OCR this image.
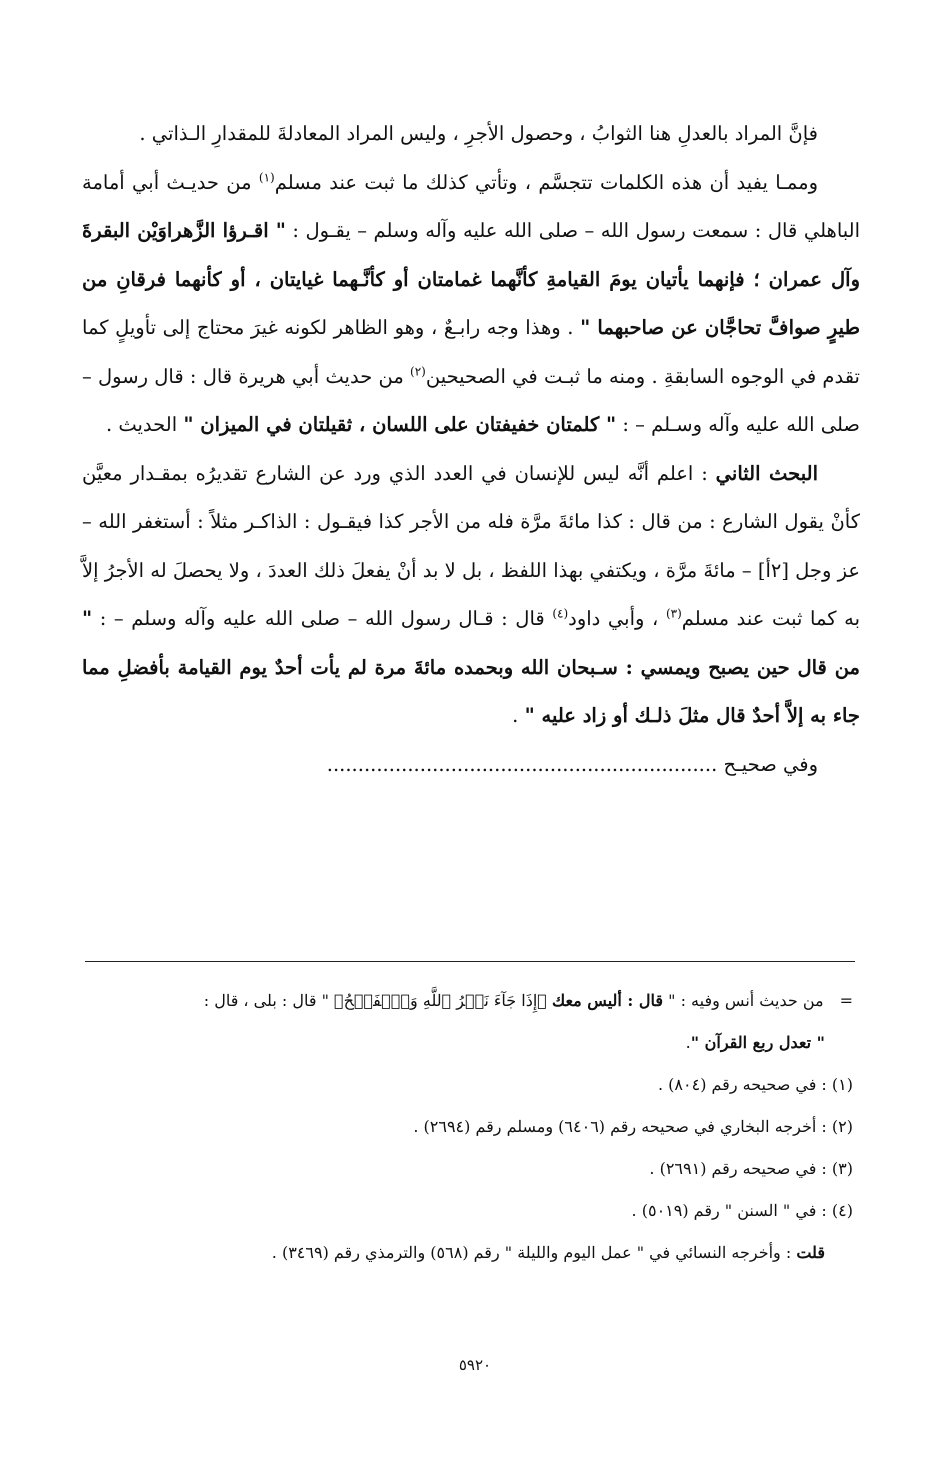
فإنَّ المراد بالعدلِ هنا الثوابُ ، وحصول الأجرِ ، وليس المراد المعادلةَ للمقدارِ الـذاتي .

وممـا يفيد أن هذه الكلمات تتجسَّم ، وتأتي كذلك ما ثبت عند مسلم$^{(١)}$ من حديـث أبي أمامة الباهلي قال : سمعت رسول الله – صلى الله عليه وآله وسلم – يقـول : " اقـرؤا الزَّهراوَيْن البقرةَ وآل عمران ؛ فإنهما يأتيان يومَ القيامةِ كأنَّهما غمامتان أو كأنَّـهما غيايتان ، أو كأنهما فرقانِ من طيرٍ صوافَّ تحاجَّان عن صاحبهما " . وهذا وجه رابـعٌ ، وهو الظاهر لكونه غيرَ محتاج إلى تأويلٍ كما تقدم في الوجوه السابقةِ . ومنه ما ثبـت في الصحيحين$^{(٢)}$ من حديث أبي هريرة قال : قال رسول – صلى الله عليه وآله وسـلم – : " كلمتان خفيفتان على اللسان ، ثقيلتان في الميزان " الحديث .

البحث الثاني : اعلم أنَّه ليس للإنسان في العدد الذي ورد عن الشارع تقديرُه بمقـدار معيَّن كأنْ يقول الشارع : من قال : كذا مائةَ مرَّة فله من الأجر كذا فيقـول : الذاكـر مثلاً : أستغفر الله – عز وجل [٢أ] – مائةَ مرَّة ، ويكتفي بهذا اللفظ ، بل لا بد أنْ يفعلَ ذلك العددَ ، ولا يحصلَ له الأجرُ إلاَّ به كما ثبت عند مسلم$^{(٣)}$ ، وأبي داود$^{(٤)}$ قال : قـال رسول الله – صلى الله عليه وآله وسلم – : " من قال حين يصبح ويمسي : سـبحان الله وبحمده مائةَ مرة لم يأت أحدٌ يوم القيامة بأفضلِ مما جاء به إلاَّ أحدٌ قال مثلَ ذلـك أو زاد عليه " .

وفي صحيـح ...............................................................

=من حديث أنس وفيه : " قال : أليس معك ﴿إِذَا جَآءَ نَصۡرُ ٱللَّهِ وَٱلۡفَتۡحُ﴾ " قال : بلى ، قال :

" تعدل ربع القرآن ".

(١) : في صحيحه رقم (٨٠٤) .

(٢) : أخرجه البخاري في صحيحه رقم (٦٤٠٦) ومسلم رقم (٢٦٩٤) .

(٣) : في صحيحه رقم (٢٦٩١) .

(٤) : في " السنن " رقم (٥٠١٩) .

قلت : وأخرجه النسائي في " عمل اليوم والليلة " رقم (٥٦٨) والترمذي رقم (٣٤٦٩) .

٥٩٢٠
